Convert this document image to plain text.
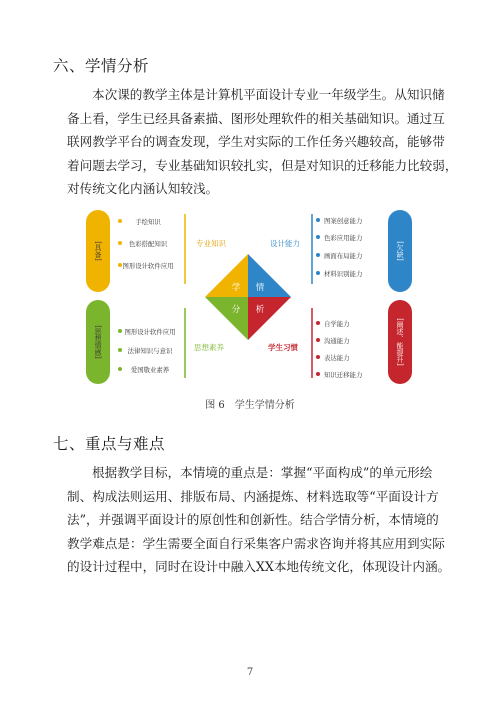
六、学情分析
本次课的教学主体是计算机平面设计专业一年级学生。从知识储
备上看，学生已经具备素描、图形处理软件的相关基础知识。通过互
联网教学平台的调查发现，学生对实际的工作任务兴趣较高，能够带
着问题去学习，专业基础知识较扎实，但是对知识的迁移能力比较弱，
对传统文化内涵认知较浅。
[具备]
[思想情感]
[欠缺]
[阐述、能提升]
手绘知识
色彩搭配知识
图形设计软件应用
图形设计软件应用
法律知识与意识
爱国敬业素养
图案创意能力
色彩应用能力
画面布局能力
材料识别能力
自学能力
沟通能力
表达能力
知识迁移能力
专业知识	设计能力
思想素养	学生习惯
学 情
分 析
图 6　学生学情分析
七、重点与难点
根据教学目标，本情境的重点是：掌握“平面构成”的单元形绘
制、构成法则运用、排版布局、内涵提炼、材料选取等“平面设计方
法”，并强调平面设计的原创性和创新性。结合学情分析，本情境的
教学难点是：学生需要全面自行采集客户需求咨询并将其应用到实际
的设计过程中，同时在设计中融入XX本地传统文化，体现设计内涵。
7
